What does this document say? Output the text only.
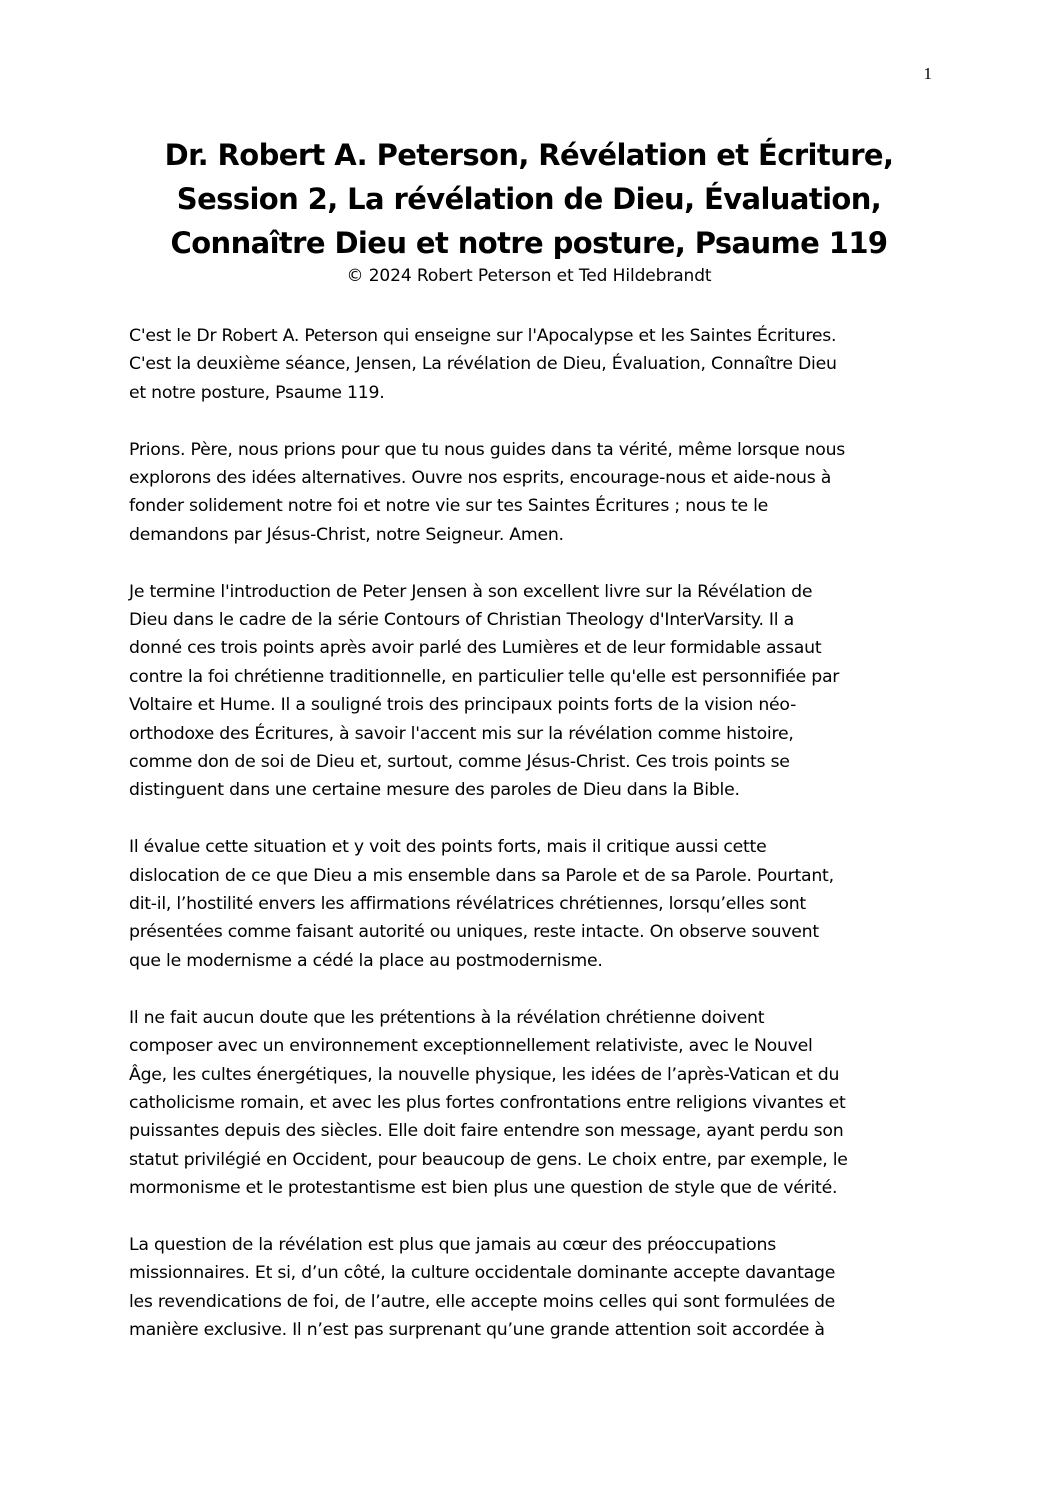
1
Dr. Robert A. Peterson, Révélation et Écriture,
Session 2, La révélation de Dieu, Évaluation,
Connaître Dieu et notre posture, Psaume 119
© 2024 Robert Peterson et Ted Hildebrandt

C'est le Dr Robert A. Peterson qui enseigne sur l'Apocalypse et les Saintes Écritures.
C'est la deuxième séance, Jensen, La révélation de Dieu, Évaluation, Connaître Dieu
et notre posture, Psaume 119.

Prions. Père, nous prions pour que tu nous guides dans ta vérité, même lorsque nous
explorons des idées alternatives. Ouvre nos esprits, encourage-nous et aide-nous à
fonder solidement notre foi et notre vie sur tes Saintes Écritures ; nous te le
demandons par Jésus-Christ, notre Seigneur. Amen.

Je termine l'introduction de Peter Jensen à son excellent livre sur la Révélation de
Dieu dans le cadre de la série Contours of Christian Theology d'InterVarsity. Il a
donné ces trois points après avoir parlé des Lumières et de leur formidable assaut
contre la foi chrétienne traditionnelle, en particulier telle qu'elle est personnifiée par
Voltaire et Hume. Il a souligné trois des principaux points forts de la vision néo-
orthodoxe des Écritures, à savoir l'accent mis sur la révélation comme histoire,
comme don de soi de Dieu et, surtout, comme Jésus-Christ. Ces trois points se
distinguent dans une certaine mesure des paroles de Dieu dans la Bible.

Il évalue cette situation et y voit des points forts, mais il critique aussi cette
dislocation de ce que Dieu a mis ensemble dans sa Parole et de sa Parole. Pourtant,
dit-il, l’hostilité envers les affirmations révélatrices chrétiennes, lorsqu’elles sont
présentées comme faisant autorité ou uniques, reste intacte. On observe souvent
que le modernisme a cédé la place au postmodernisme.

Il ne fait aucun doute que les prétentions à la révélation chrétienne doivent
composer avec un environnement exceptionnellement relativiste, avec le Nouvel
Âge, les cultes énergétiques, la nouvelle physique, les idées de l’après-Vatican et du
catholicisme romain, et avec les plus fortes confrontations entre religions vivantes et
puissantes depuis des siècles. Elle doit faire entendre son message, ayant perdu son
statut privilégié en Occident, pour beaucoup de gens. Le choix entre, par exemple, le
mormonisme et le protestantisme est bien plus une question de style que de vérité.

La question de la révélation est plus que jamais au cœur des préoccupations
missionnaires. Et si, d’un côté, la culture occidentale dominante accepte davantage
les revendications de foi, de l’autre, elle accepte moins celles qui sont formulées de
manière exclusive. Il n’est pas surprenant qu’une grande attention soit accordée à
